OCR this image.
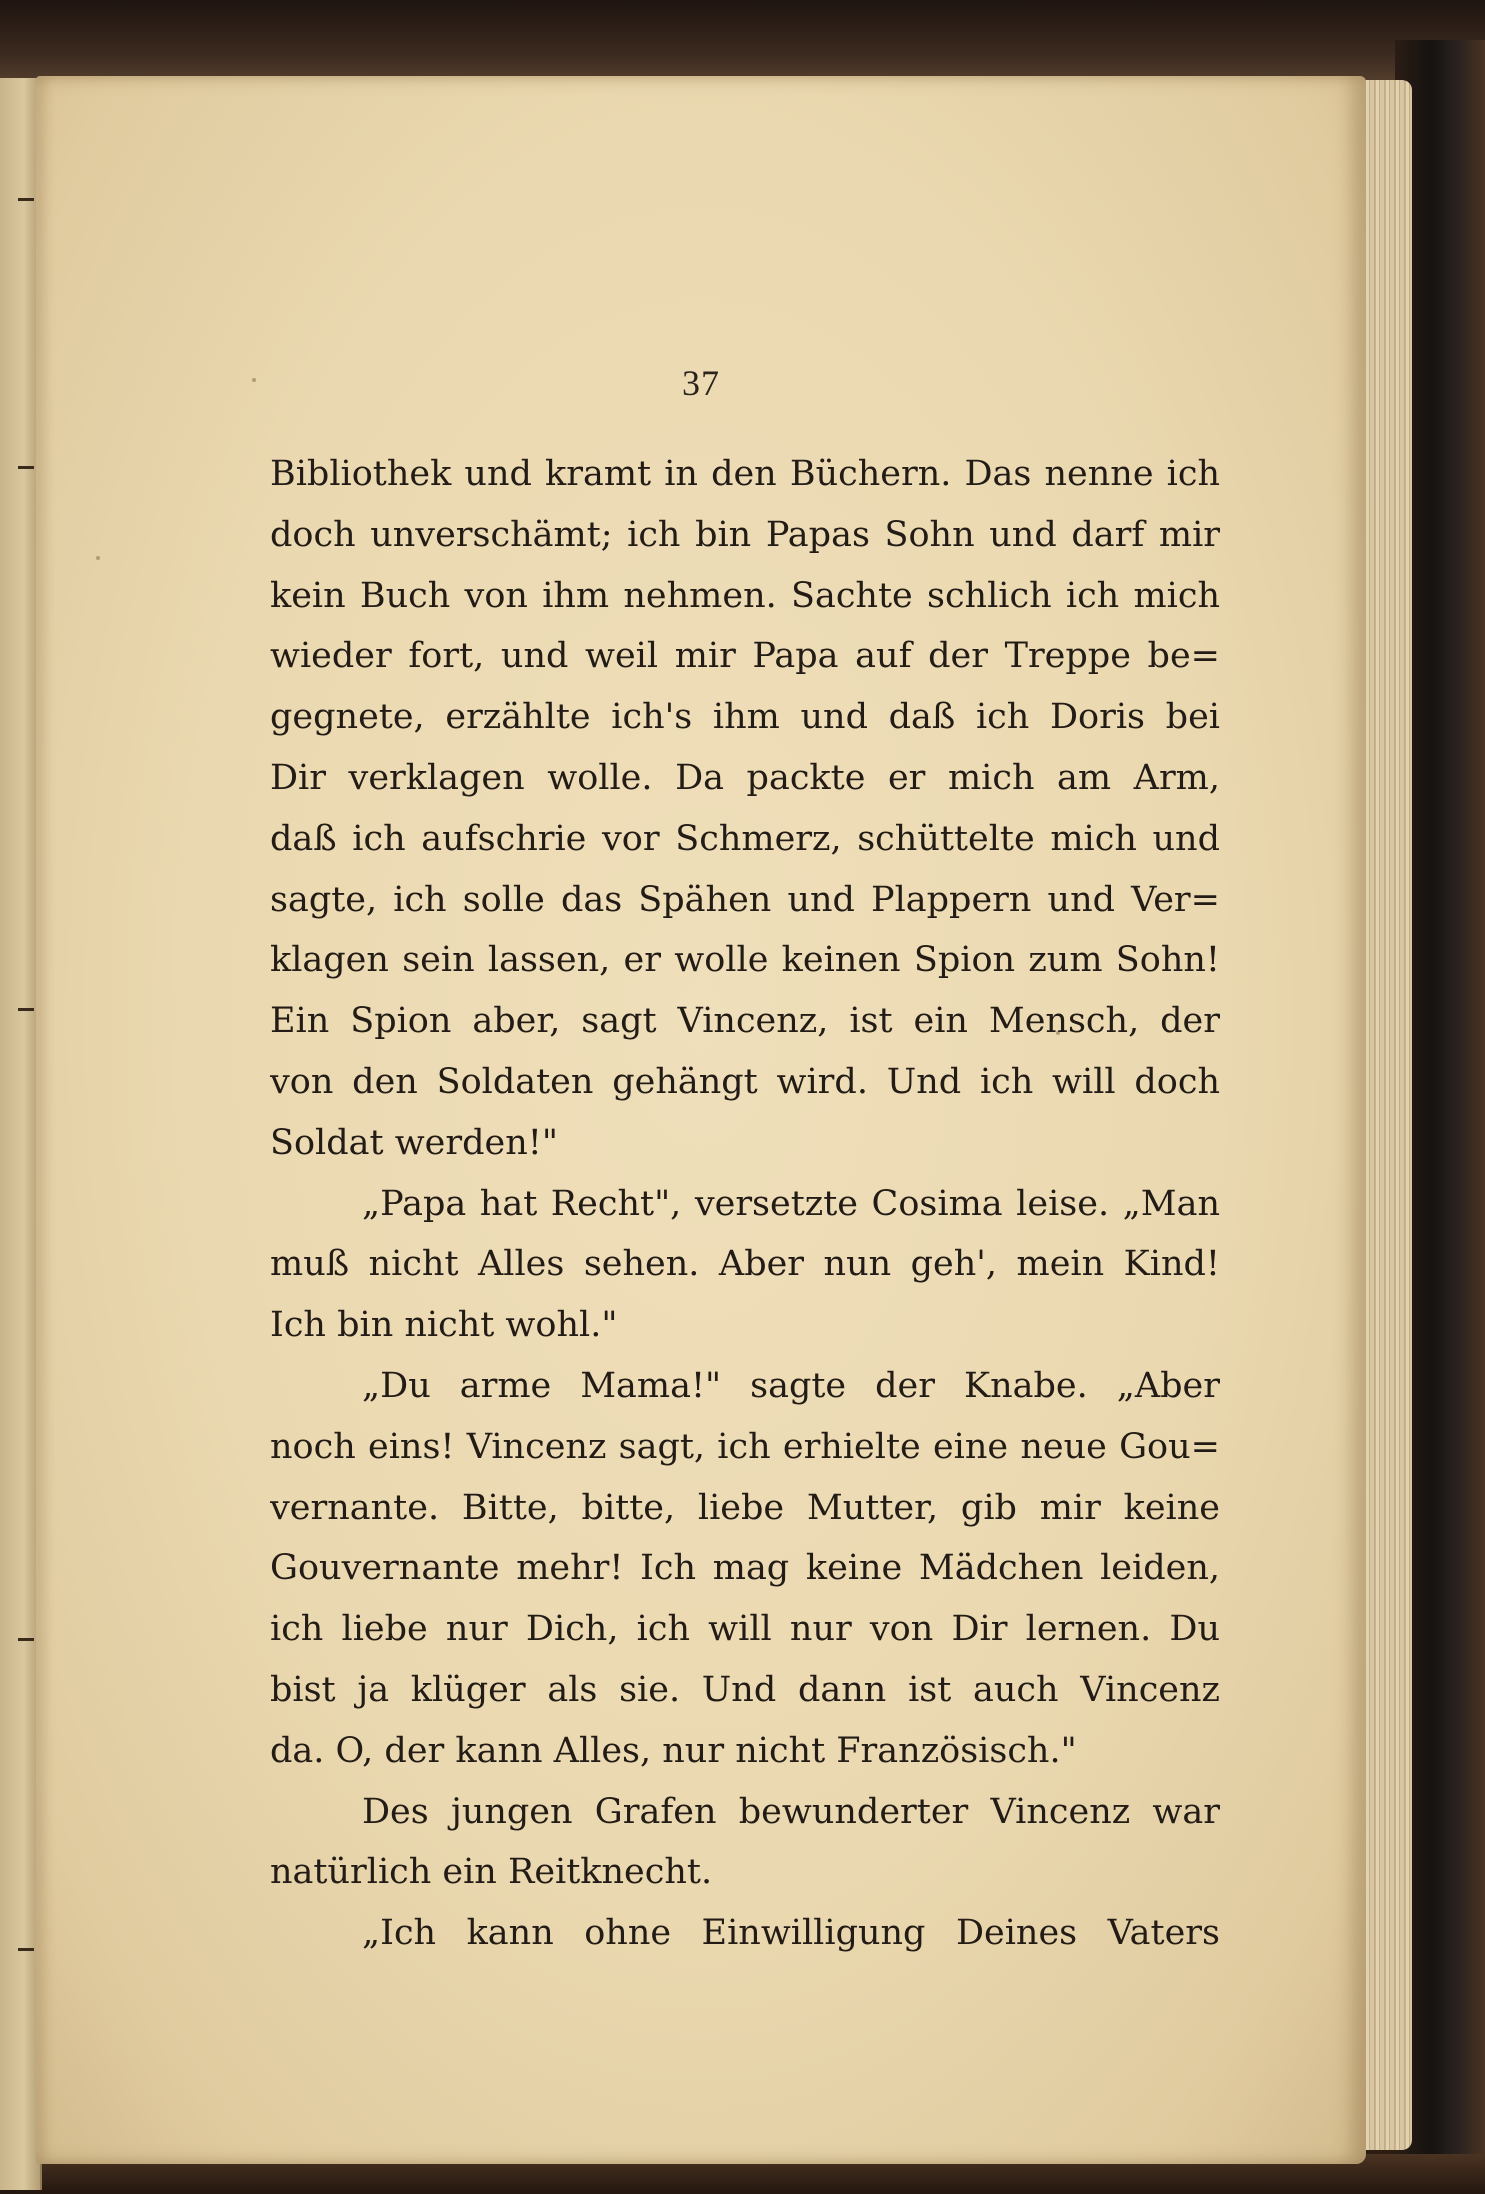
37
Bibliothek und kramt in den Büchern. Das nenne ich
doch unverschämt; ich bin Papas Sohn und darf mir
kein Buch von ihm nehmen. Sachte schlich ich mich
wieder fort, und weil mir Papa auf der Treppe be=
gegnete, erzählte ich's ihm und daß ich Doris bei
Dir verklagen wolle. Da packte er mich am Arm,
daß ich aufschrie vor Schmerz, schüttelte mich und
sagte, ich solle das Spähen und Plappern und Ver=
klagen sein lassen, er wolle keinen Spion zum Sohn!
Ein Spion aber, sagt Vincenz, ist ein Mensch, der
von den Soldaten gehängt wird. Und ich will doch
Soldat werden!"
„Papa hat Recht", versetzte Cosima leise. „Man
muß nicht Alles sehen. Aber nun geh', mein Kind!
Ich bin nicht wohl."
„Du arme Mama!" sagte der Knabe. „Aber
noch eins! Vincenz sagt, ich erhielte eine neue Gou=
vernante. Bitte, bitte, liebe Mutter, gib mir keine
Gouvernante mehr! Ich mag keine Mädchen leiden,
ich liebe nur Dich, ich will nur von Dir lernen. Du
bist ja klüger als sie. Und dann ist auch Vincenz
da. O, der kann Alles, nur nicht Französisch."
Des jungen Grafen bewunderter Vincenz war
natürlich ein Reitknecht.
„Ich kann ohne Einwilligung Deines Vaters
